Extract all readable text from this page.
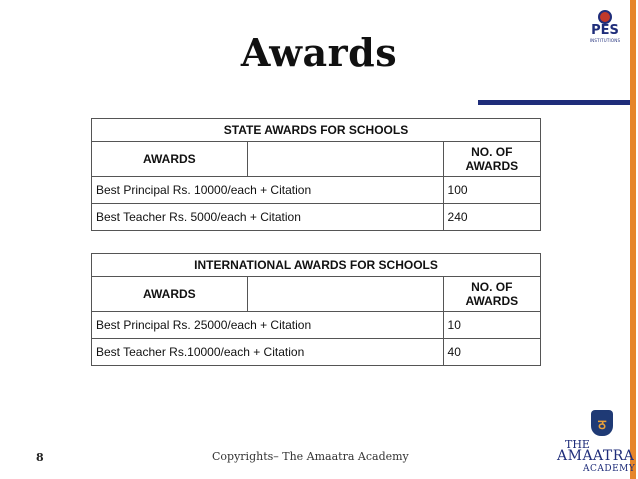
PES
INSTITUTIONS
Awards
STATE AWARDS FOR SCHOOLS		
AWARDS		NO. OF
AWARDS
Best Principal Rs. 10000/each + Citation		100
Best Teacher Rs. 5000/each + Citation		240
INTERNATIONAL AWARDS FOR SCHOOLS		
AWARDS		NO. OF
AWARDS
Best Principal Rs. 25000/each + Citation		10
Best Teacher Rs.10000/each + Citation		40
8	Copyrights– The Amaatra Academy
ठ
THE
AMAATRA
ACADEMY
